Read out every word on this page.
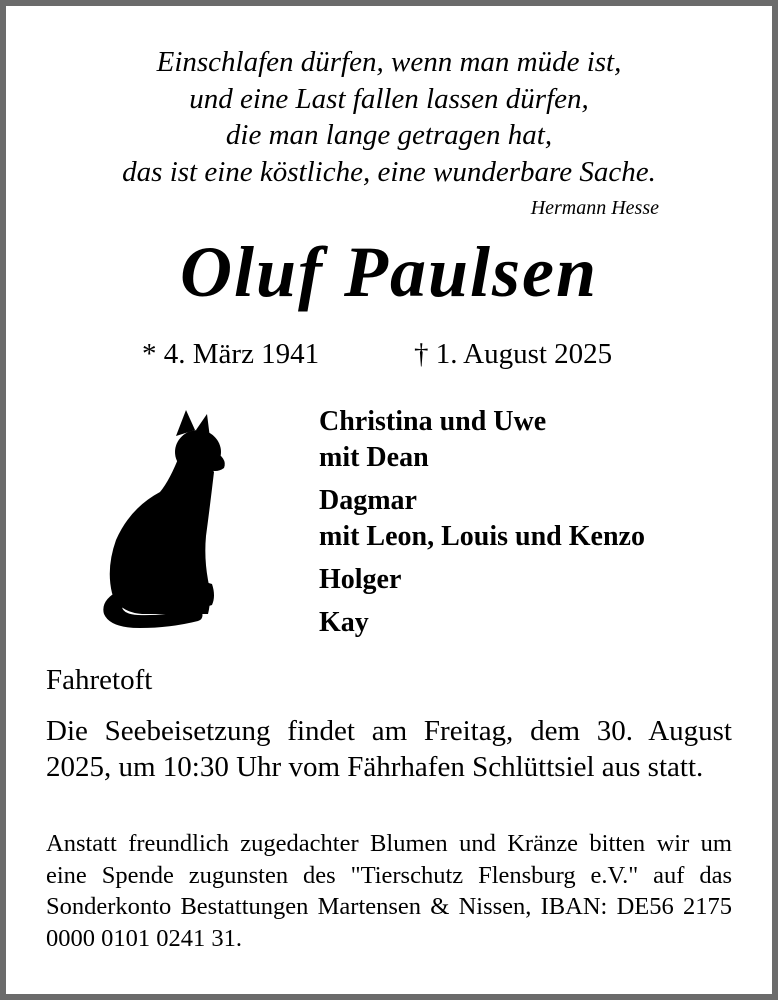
Einschlafen dürfen, wenn man müde ist,
und eine Last fallen lassen dürfen,
die man lange getragen hat,
das ist eine köstliche, eine wunderbare Sache.
Hermann Hesse
Oluf Paulsen
* 4. März 1941	† 1. August 2025
Christina und Uwe
mit Dean
Dagmar
mit Leon, Louis und Kenzo
Holger
Kay
Fahretoft
Die Seebeisetzung findet am Freitag, dem 30. August 2025, um 10:30 Uhr vom Fährhafen Schlüttsiel aus statt.
Anstatt freundlich zugedachter Blumen und Kränze bitten wir um eine Spende zugunsten des "Tierschutz Flensburg e.V." auf das Sonderkonto Bestattungen Martensen & Nissen, IBAN: DE56 2175 0000 0101 0241 31.
